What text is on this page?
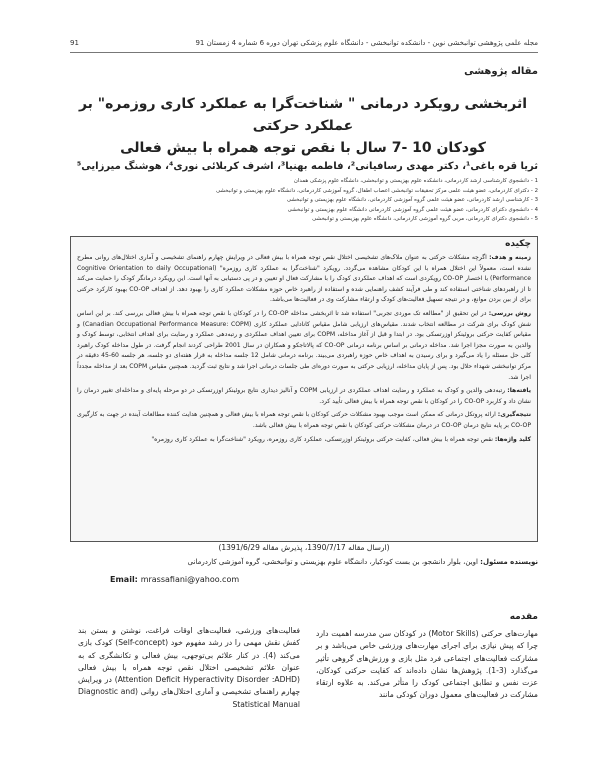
مجله علمی پژوهشی توانبخشی نوین - دانشکده توانبخشی - دانشگاه علوم پزشکی تهران دوره 6 شماره 4 زمستان 91
91
مقاله پژوهشی
اثربخشی رویکرد درمانی " شناخت‌گرا به عملکرد کاری روزمره" بر عملکرد حرکتی
کودکان 10 -7 سال با نقص توجه همراه با بیش فعالی
ثریا قره باغی¹، دکتر مهدی رسافیانی²، فاطمه بهنیا³، اشرف کربلائی نوری⁴، هوشنگ میرزایی⁵
1 - دانشجوی کارشناسی ارشد کاردرمانی، دانشکده علوم بهزیستی و توانبخشی، دانشگاه علوم پزشکی همدان
2 - دکترای کاردرمانی، عضو هیئت علمی مرکز تحقیقات توانبخشی اعصاب اطفال، گروه آموزشی کاردرمانی، دانشگاه علوم بهزیستی و توانبخشی
3 - کارشناسی ارشد کاردرمانی، عضو هیئت علمی گروه آموزشی کاردرمانی، دانشگاه علوم بهزیستی و توانبخشی
4 - دانشجوی دکترای کاردرمانی، عضو هیئت علمی گروه آموزشی کاردرمانی دانشگاه علوم بهزیستی و توانبخشی
5 - دانشجوی دکترای کاردرمانی، مربی گروه آموزشی کاردرمانی، دانشگاه علوم بهزیستی و توانبخشی
چکیده

زمینه و هدف: اگرچه مشکلات حرکتی به عنوان ملاک‌های تشخیصی اختلال نقص توجه همراه با بیش فعالی در ویرایش چهارم راهنمای تشخیصی و آماری اختلال‌های روانی مطرح نشده است، معمولاً این اختلال همراه با این کودکان مشاهده می‌گردد. رویکرد "شناخت‌گرا به عملکرد کاری روزمره" (Cognitive Orientation to daily Occupational Performance) با اختصار CO-OP رویکردی است که اهداف عملکردی کودک را با مشارکت فعال او تعیین و در پی دستیابی به آنها است. این رویکرد درمانگر کودک را حمایت می‌کند تا از راهبردهای شناختی استفاده کند و طی فرآیند کشف راهنمایی شده و استفاده از راهبرد خاص حوزه مشکلات عملکرد کاری را بهبود دهد. از اهداف CO-OP بهبود کارکرد حرکتی برای از بین بردن موانع، و در نتیجه تسهیل فعالیت‌های کودک و ارتقاء مشارکت وی در فعالیت‌ها می‌باشد.

روش بررسی: در این تحقیق از "مطالعه تک موردی تجربی" استفاده شد تا اثربخشی مداخله CO-OP را در کودکان با نقص توجه همراه با بیش فعالی بررسی کند. بر این اساس شش کودک برای شرکت در مطالعه انتخاب شدند. مقیاس‌های ارزیابی شامل مقیاس کانادایی عملکرد کاری (Canadian Occupational Performance Measure: COPM) و مقیاس کفایت حرکتی بروئینکز اوزرتسکی بود. در ابتدا و قبل از آغاز مداخله، COPM برای تعیین اهداف عملکردی و رتبه‌دهی عملکرد و رضایت برای اهداف انتخابی، توسط کودک و والدین به صورت مجزا اجرا شد. مداخله درمانی بر اساس برنامه درمانی CO-OP که پالاتاجکو و همکاران در سال 2001 طراحی کردند انجام گرفت. در طول مداخله کودک راهبرد کلی حل مسئله را یاد می‌گیرد و برای رسیدن به اهداف خاص حوزه راهبردی می‌بیند. برنامه درمانی شامل 12 جلسه مداخله به قرار هفته‌ای دو جلسه، هر جلسه 60-45 دقیقه در مرکز توانبخشی شهداء حلال بود. پس از پایان مداخله، ارزیابی حرکتی به صورت دوره‌ای طی جلسات درمانی اجرا شد و نتایج ثبت گردید. همچنین مقیاس COPM بعد از مداخله مجدداً اجرا شد.

یافته‌ها: رتبه‌دهی والدین و کودک به عملکرد و رضایت اهداف عملکردی در ارزیابی COPM و آنالیز دیداری نتایج بروئینکز اوزرتسکی در دو مرحله پایه‌ای و مداخله‌ای تغییر درمان را نشان داد و کاربرد CO-OP را در کودکان با نقص توجه همراه با بیش فعالی تأیید کرد.

نتیجه‌گیری: ارائه پروتکل درمانی که ممکن است موجب بهبود مشکلات حرکتی کودکان با نقص توجه همراه با بیش فعالی و همچنین هدایت کننده مطالعات آینده در جهت به کارگیری CO-OP بر پایه نتایج درمان CO-OP در درمان مشکلات حرکتی کودکان با نقص توجه همراه با بیش فعالی باشد.

کلید واژه‌ها: نقص توجه همراه با بیش فعالی، کفایت حرکتی بروئینکز اوزرتسکی، عملکرد کاری روزمره، رویکرد "شناخت‌گرا به عملکرد کاری روزمره"

(ارسال مقاله 1390/7/17، پذیرش مقاله 1391/6/29)
نویسنده مسئول: اوین، بلوار دانشجو، بن بست کودکیار، دانشگاه علوم بهزیستی و توانبخشی، گروه آموزشی کاردرمانی
Email: mrassafiani@yahoo.com
مقدمه
مهارت‌های حرکتی (Motor Skills) در کودکان سن مدرسه اهمیت دارد چرا که پیش نیازی برای اجرای مهارت‌های ورزشی خاص می‌باشد و بر مشارکت فعالیت‌های اجتماعی فرد مثل بازی و ورزش‌های گروهی تأثیر می‌گذارد (3-1). پژوهش‌ها نشان داده‌اند که کفایت حرکتی کودکان، عزت نفس و تطابق اجتماعی کودک را متأثر می‌کند. به علاوه ارتقاء مشارکت در فعالیت‌های معمول دوران کودکی مانند
فعالیت‌های ورزشی، فعالیت‌های اوقات فراغت، نوشتن و بستن بند کفش نقش مهمی را در رشد مفهوم خود (Self-concept) کودک بازی می‌کند (4). در کنار علائم بی‌توجهی، بیش فعالی و تکانشگری که به عنوان علائم تشخیصی اختلال نقص توجه همراه با بیش فعالی (Attention Deficit Hyperactivity Disorder :ADHD) در ویرایش چهارم راهنمای تشخیصی و آماری اختلال‌های روانی (Diagnostic and Statistical Manual
